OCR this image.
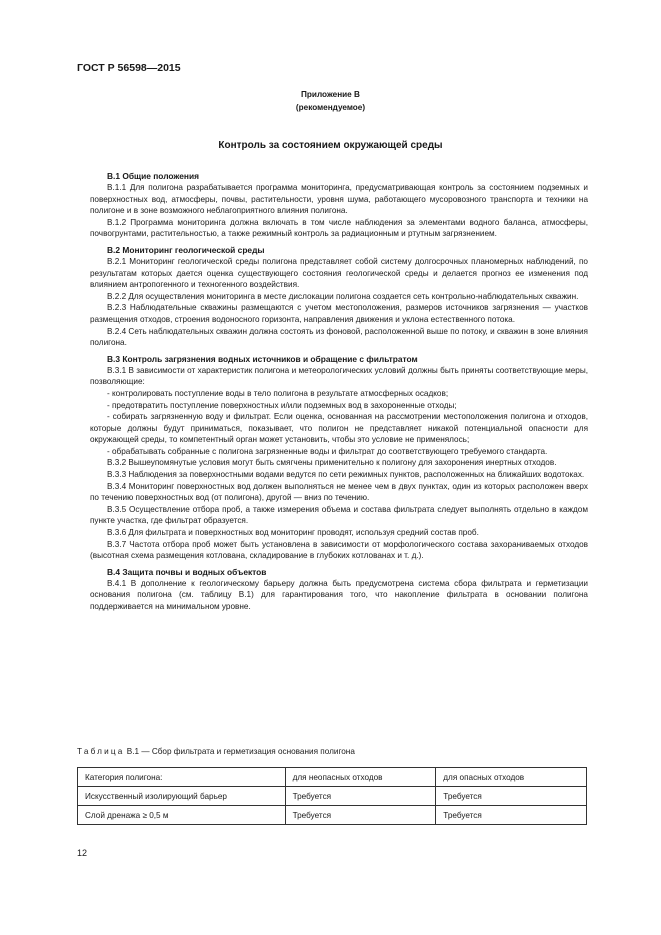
ГОСТ Р 56598—2015
Приложение В
(рекомендуемое)
Контроль за состоянием окружающей среды
В.1 Общие положения

В.1.1 Для полигона разрабатывается программа мониторинга, предусматривающая контроль за состоянием подземных и поверхностных вод, атмосферы, почвы, растительности, уровня шума, работающего мусоровозного транспорта и техники на полигоне и в зоне возможного неблагоприятного влияния полигона.

В.1.2 Программа мониторинга должна включать в том числе наблюдения за элементами водного баланса, атмосферы, почвогрунтами, растительностью, а также режимный контроль за радиационным и ртутным загрязнением.

В.2 Мониторинг геологической среды

В.2.1 Мониторинг геологической среды полигона представляет собой систему долгосрочных планомерных наблюдений, по результатам которых дается оценка существующего состояния геологической среды и делается прогноз ее изменения под влиянием антропогенного и техногенного воздействия.

В.2.2 Для осуществления мониторинга в месте дислокации полигона создается сеть контрольно-наблюдательных скважин.

В.2.3 Наблюдательные скважины размещаются с учетом местоположения, размеров источников загрязнения — участков размещения отходов, строения водоносного горизонта, направления движения и уклона естественного потока.

В.2.4 Сеть наблюдательных скважин должна состоять из фоновой, расположенной выше по потоку, и скважин в зоне влияния полигона.

В.3 Контроль загрязнения водных источников и обращение с фильтратом

В.3.1 В зависимости от характеристик полигона и метеорологических условий должны быть приняты соответствующие меры, позволяющие:

- контролировать поступление воды в тело полигона в результате атмосферных осадков;

- предотвратить поступление поверхностных и/или подземных вод в захороненные отходы;

- собирать загрязненную воду и фильтрат. Если оценка, основанная на рассмотрении местоположения полигона и отходов, которые должны будут приниматься, показывает, что полигон не представляет никакой потенциальной опасности для окружающей среды, то компетентный орган может установить, чтобы это условие не применялось;

- обрабатывать собранные с полигона загрязненные воды и фильтрат до соответствующего требуемого стандарта.

В.3.2 Вышеупомянутые условия могут быть смягчены применительно к полигону для захоронения инертных отходов.

В.3.3 Наблюдения за поверхностными водами ведутся по сети режимных пунктов, расположенных на ближайших водотоках.

В.3.4 Мониторинг поверхностных вод должен выполняться не менее чем в двух пунктах, один из которых расположен вверх по течению поверхностных вод (от полигона), другой — вниз по течению.

В.3.5 Осуществление отбора проб, а также измерения объема и состава фильтрата следует выполнять отдельно в каждом пункте участка, где фильтрат образуется.

В.3.6 Для фильтрата и поверхностных вод мониторинг проводят, используя средний состав проб.

В.3.7 Частота отбора проб может быть установлена в зависимости от морфологического состава захораниваемых отходов (высотная схема размещения котлована, складирование в глубоких котлованах и т. д.).

В.4 Защита почвы и водных объектов

В.4.1 В дополнение к геологическому барьеру должна быть предусмотрена система сбора фильтрата и герметизации основания полигона (см. таблицу В.1) для гарантирования того, что накопление фильтрата в основании полигона поддерживается на минимальном уровне.

Таблица В.1 — Сбор фильтрата и герметизация основания полигона
Категория полигона:	для неопасных отходов	для опасных отходов
Искусственный изолирующий барьер	Требуется	Требуется
Слой дренажа ≥ 0,5 м	Требуется	Требуется
12
